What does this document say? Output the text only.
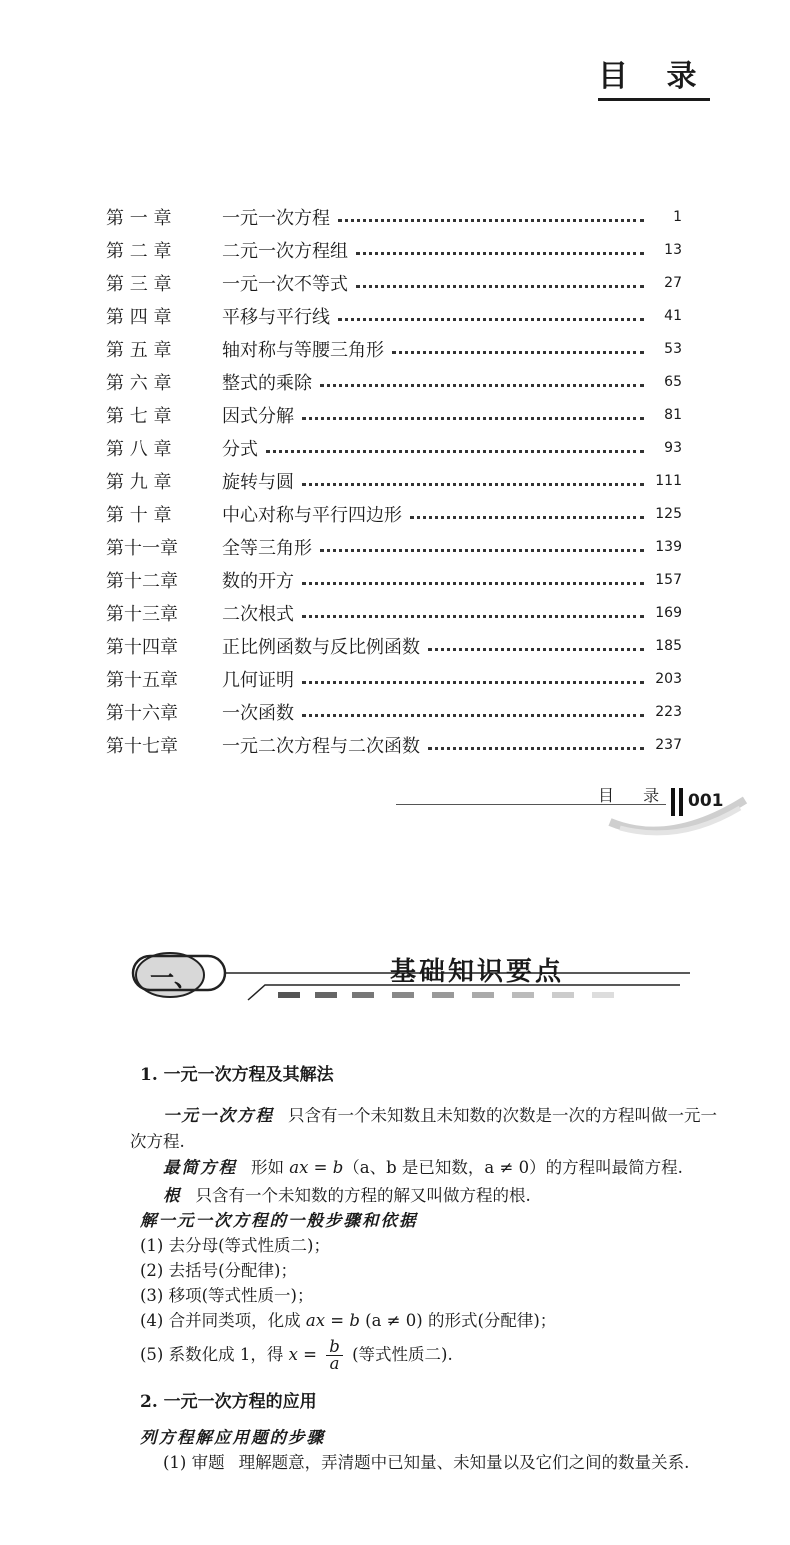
目 录
第 一 章	一元一次方程	1
第 二 章	二元一次方程组	13
第 三 章	一元一次不等式	27
第 四 章	平移与平行线	41
第 五 章	轴对称与等腰三角形	53
第 六 章	整式的乘除	65
第 七 章	因式分解	81
第 八 章	分式	93
第 九 章	旋转与圆	111
第 十 章	中心对称与平行四边形	125
第十一章	全等三角形	139
第十二章	数的开方	157
第十三章	二次根式	169
第十四章	正比例函数与反比例函数	185
第十五章	几何证明	203
第十六章	一次函数	223
第十七章	一元二次方程与二次函数	237
目 录 001
一、	基础知识要点

1. 一元一次方程及其解法

一元一次方程 只含有一个未知数且未知数的次数是一次的方程叫做一元一次方程.

最简方程 形如 ax = b（a、b 是已知数，a ≠ 0）的方程叫最简方程.

根 只含有一个未知数的方程的解又叫做方程的根.

解一元一次方程的一般步骤和依据

(1) 去分母(等式性质二)；

(2) 去括号(分配律)；

(3) 移项(等式性质一)；

(4) 合并同类项，化成 ax = b (a ≠ 0) 的形式(分配律)；

(5) 系数化成 1，得 $x = \frac{b}{a}$ (等式性质二).

2. 一元一次方程的应用

列方程解应用题的步骤

(1) 审题 理解题意，弄清题中已知量、未知量以及它们之间的数量关系.
